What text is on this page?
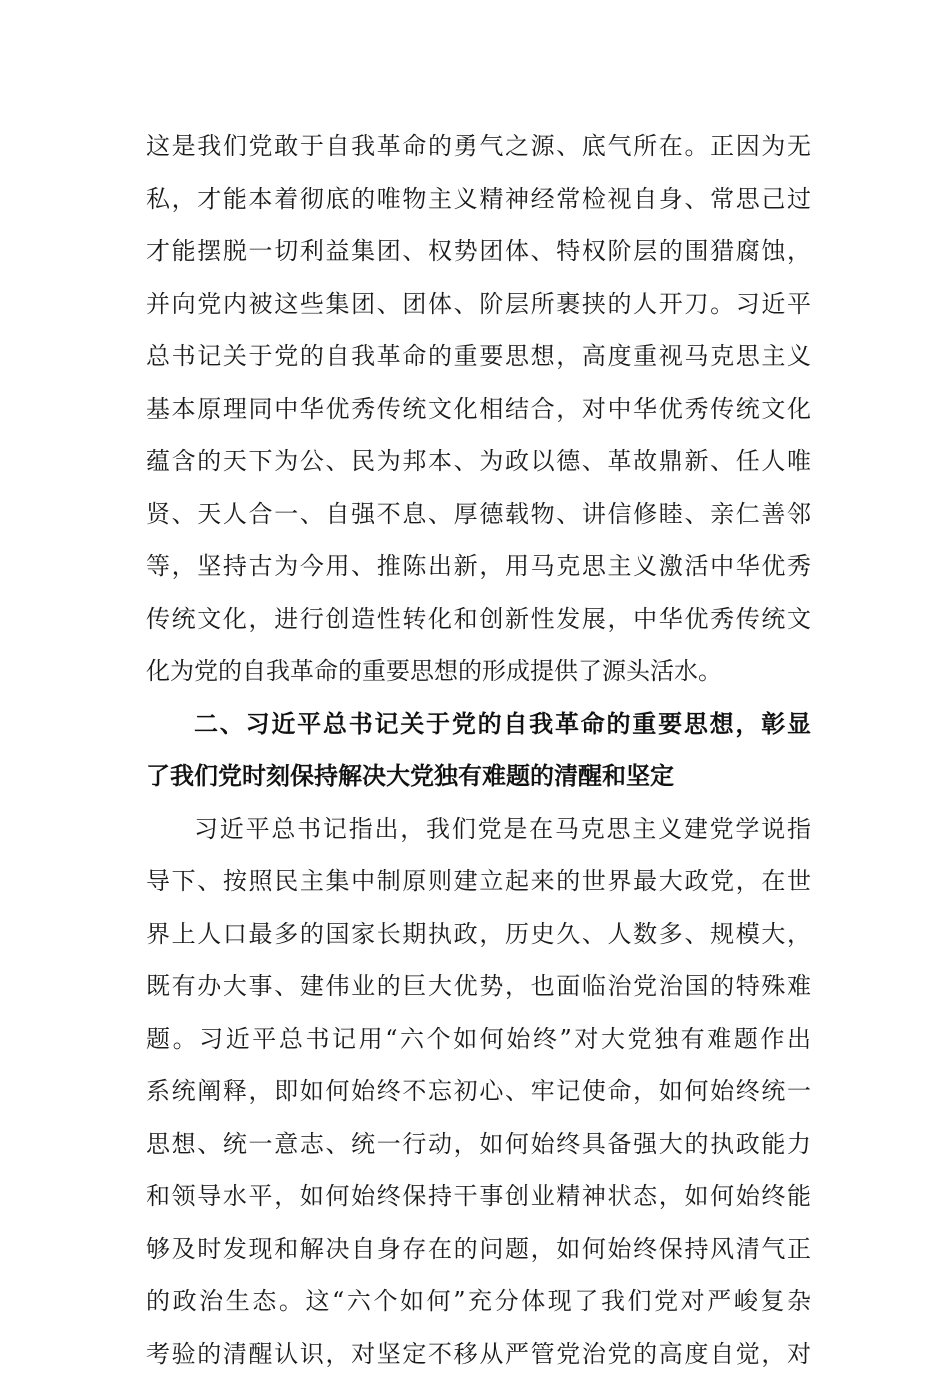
这是我们党敢于自我革命的勇气之源、底气所在。正因为无
私，才能本着彻底的唯物主义精神经常检视自身、常思己过
才能摆脱一切利益集团、权势团体、特权阶层的围猎腐蚀，
并向党内被这些集团、团体、阶层所裹挟的人开刀。习近平
总书记关于党的自我革命的重要思想，高度重视马克思主义
基本原理同中华优秀传统文化相结合，对中华优秀传统文化
蕴含的天下为公、民为邦本、为政以德、革故鼎新、任人唯
贤、天人合一、自强不息、厚德载物、讲信修睦、亲仁善邻
等，坚持古为今用、推陈出新，用马克思主义激活中华优秀
传统文化，进行创造性转化和创新性发展，中华优秀传统文
化为党的自我革命的重要思想的形成提供了源头活水。
二、习近平总书记关于党的自我革命的重要思想，彰显
了我们党时刻保持解决大党独有难题的清醒和坚定
习近平总书记指出，我们党是在马克思主义建党学说指
导下、按照民主集中制原则建立起来的世界最大政党，在世
界上人口最多的国家长期执政，历史久、人数多、规模大，
既有办大事、建伟业的巨大优势，也面临治党治国的特殊难
题。习近平总书记用“六个如何始终”对大党独有难题作出
系统阐释，即如何始终不忘初心、牢记使命，如何始终统一
思想、统一意志、统一行动，如何始终具备强大的执政能力
和领导水平，如何始终保持干事创业精神状态，如何始终能
够及时发现和解决自身存在的问题，如何始终保持风清气正
的政治生态。这“六个如何”充分体现了我们党对严峻复杂
考验的清醒认识，对坚定不移从严管党治党的高度自觉，对
